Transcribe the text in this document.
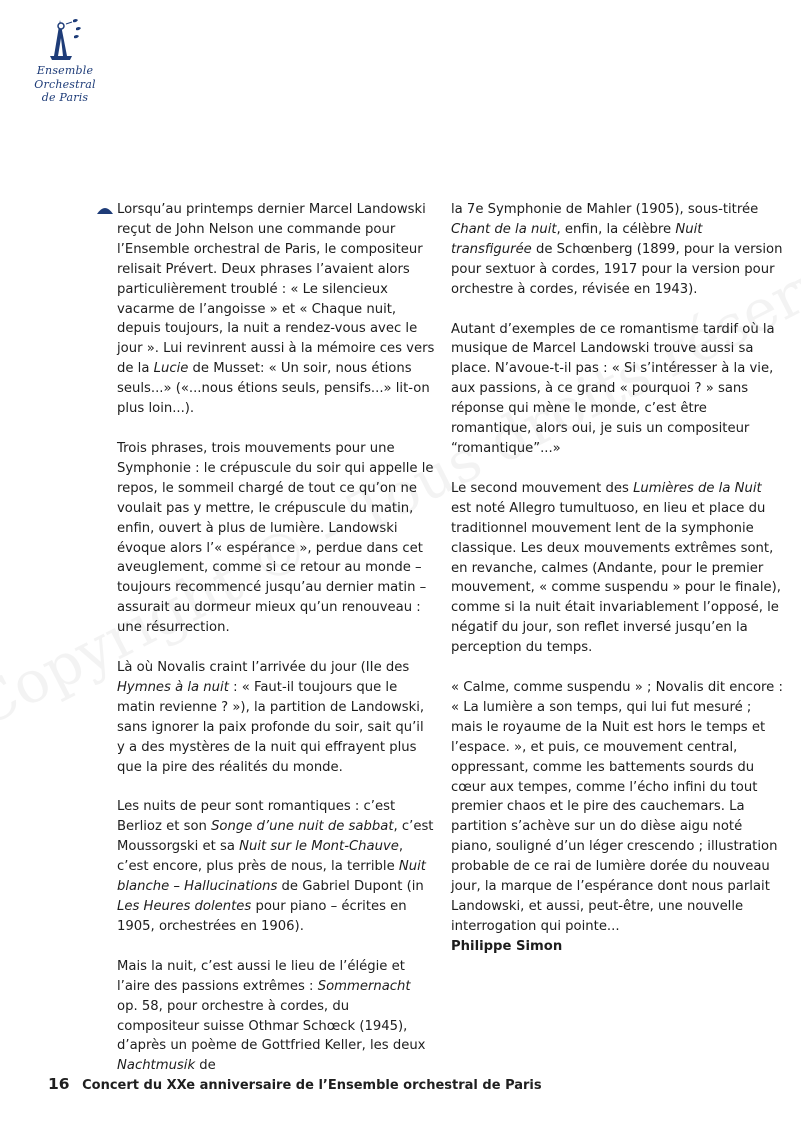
Ensemble
Orchestral
de Paris

Lorsqu’au printemps dernier Marcel Landowski reçut de John Nelson une commande pour l’Ensemble orchestral de Paris, le compositeur relisait Prévert. Deux phrases l’avaient alors particulièrement troublé : « Le silencieux vacarme de l’angoisse » et « Chaque nuit, depuis toujours, la nuit a rendez-vous avec le jour ». Lui revinrent aussi à la mémoire ces vers de la Lucie de Musset: « Un soir, nous étions seuls...» («...nous étions seuls, pensifs...» lit-on plus loin...).

Trois phrases, trois mouvements pour une Symphonie : le crépuscule du soir qui appelle le repos, le sommeil chargé de tout ce qu’on ne voulait pas y mettre, le crépuscule du matin, enfin, ouvert à plus de lumière. Landowski évoque alors l’« espérance », perdue dans cet aveuglement, comme si ce retour au monde – toujours recommencé jusqu’au dernier matin – assurait au dormeur mieux qu’un renouveau : une résurrection.

Là où Novalis craint l’arrivée du jour (IIe des Hymnes à la nuit : « Faut-il toujours que le matin revienne ? »), la partition de Landowski, sans ignorer la paix profonde du soir, sait qu’il y a des mystères de la nuit qui effrayent plus que la pire des réalités du monde.

Les nuits de peur sont romantiques : c’est Berlioz et son Songe d’une nuit de sabbat, c’est Moussorgski et sa Nuit sur le Mont-Chauve, c’est encore, plus près de nous, la terrible Nuit blanche – Hallucinations de Gabriel Dupont (in Les Heures dolentes pour piano – écrites en 1905, orchestrées en 1906).

Mais la nuit, c’est aussi le lieu de l’élégie et l’aire des passions extrêmes : Sommernacht op. 58, pour orchestre à cordes, du compositeur suisse Othmar Schœck (1945), d’après un poème de Gottfried Keller, les deux Nachtmusik de

la 7e Symphonie de Mahler (1905), sous-titrée Chant de la nuit, enfin, la célèbre Nuit transfigurée de Schœnberg (1899, pour la version pour sextuor à cordes, 1917 pour la version pour orchestre à cordes, révisée en 1943).

Autant d’exemples de ce romantisme tardif où la musique de Marcel Landowski trouve aussi sa place. N’avoue-t-il pas : « Si s’intéresser à la vie, aux passions, à ce grand « pourquoi ? » sans réponse qui mène le monde, c’est être romantique, alors oui, je suis un compositeur “romantique”...»

Le second mouvement des Lumières de la Nuit est noté Allegro tumultuoso, en lieu et place du traditionnel mouvement lent de la symphonie classique. Les deux mouvements extrêmes sont, en revanche, calmes (Andante, pour le premier mouvement, « comme suspendu » pour le finale), comme si la nuit était invariablement l’opposé, le négatif du jour, son reflet inversé jusqu’en la perception du temps.

« Calme, comme suspendu » ; Novalis dit encore : « La lumière a son temps, qui lui fut mesuré ; mais le royaume de la Nuit est hors le temps et l’espace. », et puis, ce mouvement central, oppressant, comme les battements sourds du cœur aux tempes, comme l’écho infini du tout premier chaos et le pire des cauchemars. La partition s’achève sur un do dièse aigu noté piano, souligné d’un léger crescendo ; illustration probable de ce rai de lumière dorée du nouveau jour, la marque de l’espérance dont nous parlait Landowski, et aussi, peut-être, une nouvelle interrogation qui pointe...

Philippe Simon
16 Concert du XXe anniversaire de l’Ensemble orchestral de Paris
